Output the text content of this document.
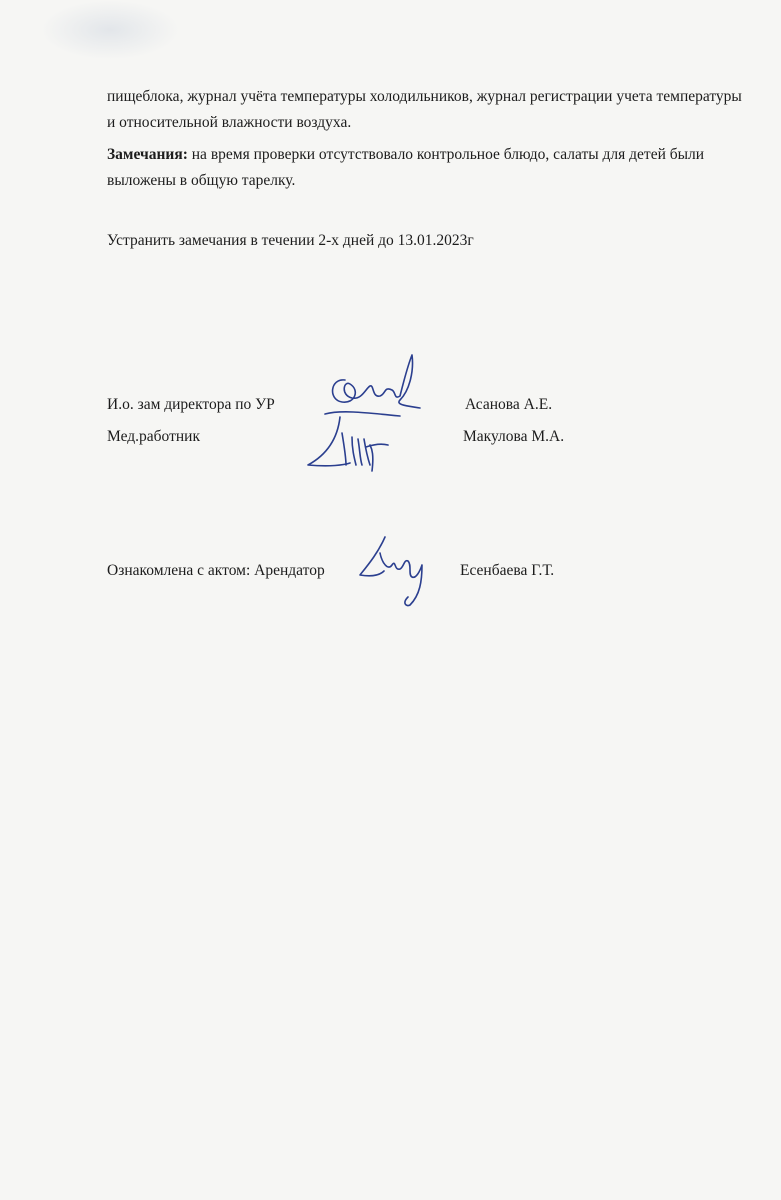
пищеблока, журнал учёта температуры холодильников, журнал регистрации учета температуры и относительной влажности воздуха.

Замечания: на время проверки отсутствовало контрольное блюдо, салаты для детей были выложены в общую тарелку.

Устранить замечания в течении 2-х дней до 13.01.2023г

И.о. зам директора по УР	Асанова А.Е.
Мед.работник	Макулова М.А.
Ознакомлена с актом: Арендатор	Есенбаева Г.Т.
